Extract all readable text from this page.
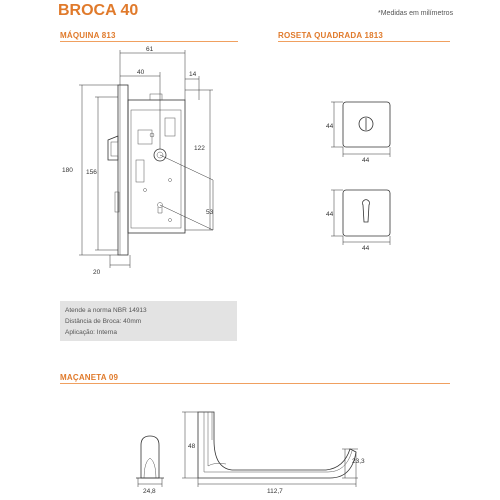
BROCA 40	*Medidas em milímetros
MÁQUINA 813	ROSETA QUADRADA 1813
MAÇANETA 09
Atende a norma NBR 14913
Distância de Broca: 40mm
Aplicação: Interna
61
40	14
180 156
122
53
20
44
44
44
44
24,8
48
23,3
112,7
